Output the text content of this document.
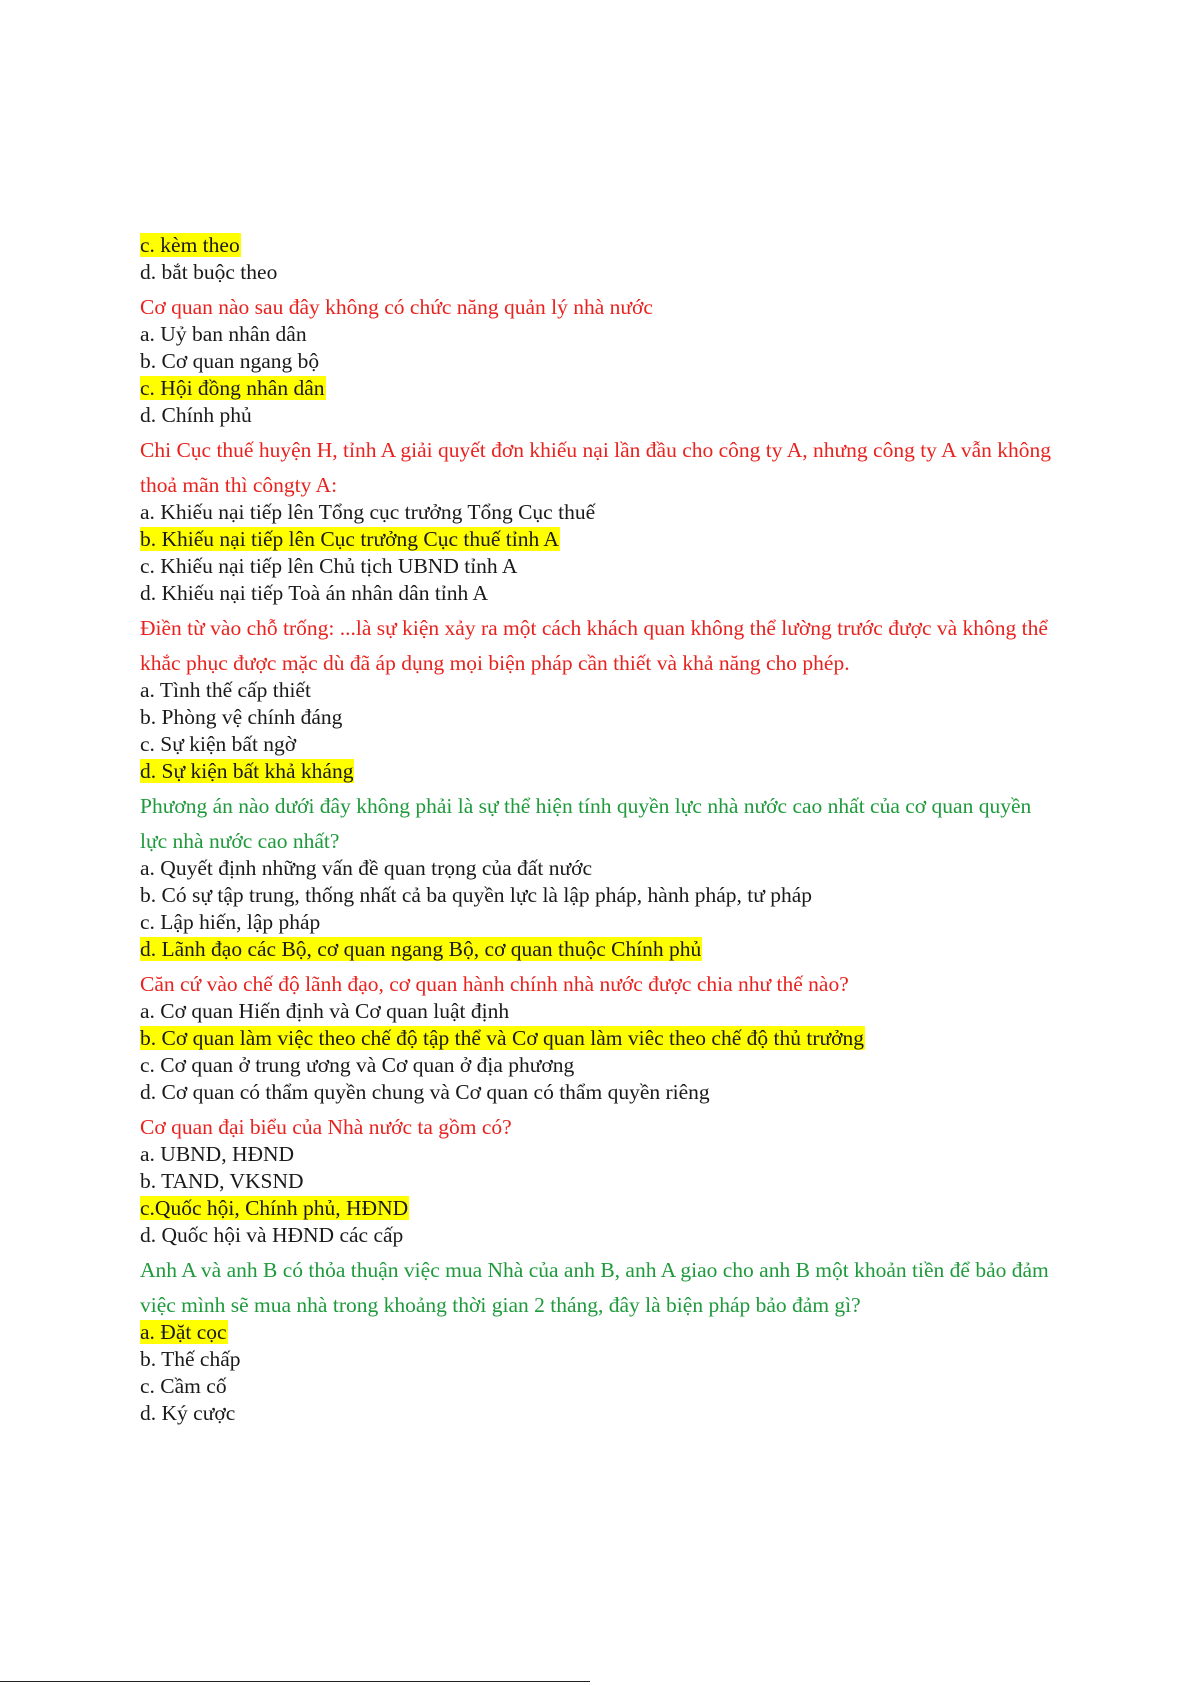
c. kèm theo
d. bắt buộc theo
Cơ quan nào sau đây không có chức năng quản lý nhà nước
a. Uỷ ban nhân dân
b. Cơ quan ngang bộ
c. Hội đồng nhân dân
d. Chính phủ
Chi Cục thuế huyện H, tỉnh A giải quyết đơn khiếu nại lần đầu cho công ty A, nhưng công ty A vẫn không thoả mãn thì côngty A:
a. Khiếu nại tiếp lên Tổng cục trưởng Tổng Cục thuế
b. Khiếu nại tiếp lên Cục trưởng Cục thuế tỉnh A
c. Khiếu nại tiếp lên Chủ tịch UBND tỉnh A
d. Khiếu nại tiếp Toà án nhân dân tỉnh A
Điền từ vào chỗ trống: ...là sự kiện xảy ra một cách khách quan không thể lường trước được và không thể khắc phục được mặc dù đã áp dụng mọi biện pháp cần thiết và khả năng cho phép.
a. Tình thế cấp thiết
b. Phòng vệ chính đáng
c. Sự kiện bất ngờ
d. Sự kiện bất khả kháng
Phương án nào dưới đây không phải là sự thể hiện tính quyền lực nhà nước cao nhất của cơ quan quyền lực nhà nước cao nhất?
a. Quyết định những vấn đề quan trọng của đất nước
b. Có sự tập trung, thống nhất cả ba quyền lực là lập pháp, hành pháp, tư pháp
c. Lập hiến, lập pháp
d. Lãnh đạo các Bộ, cơ quan ngang Bộ, cơ quan thuộc Chính phủ
Căn cứ vào chế độ lãnh đạo, cơ quan hành chính nhà nước được chia như thế nào?
a. Cơ quan Hiến định và Cơ quan luật định
b. Cơ quan làm việc theo chế độ tập thể và Cơ quan làm viêc theo chế độ thủ trưởng
c. Cơ quan ở trung ương và Cơ quan ở địa phương
d. Cơ quan có thẩm quyền chung và Cơ quan có thẩm quyền riêng
Cơ quan đại biểu của Nhà nước ta gồm có?
a. UBND, HĐND
b. TAND, VKSND
c.Quốc hội, Chính phủ, HĐND
d. Quốc hội và HĐND các cấp
Anh A và anh B có thỏa thuận việc mua Nhà của anh B, anh A giao cho anh B một khoản tiền để bảo đảm việc mình sẽ mua nhà trong khoảng thời gian 2 tháng, đây là biện pháp bảo đảm gì?
a. Đặt cọc
b. Thế chấp
c. Cầm cố
d. Ký cược
